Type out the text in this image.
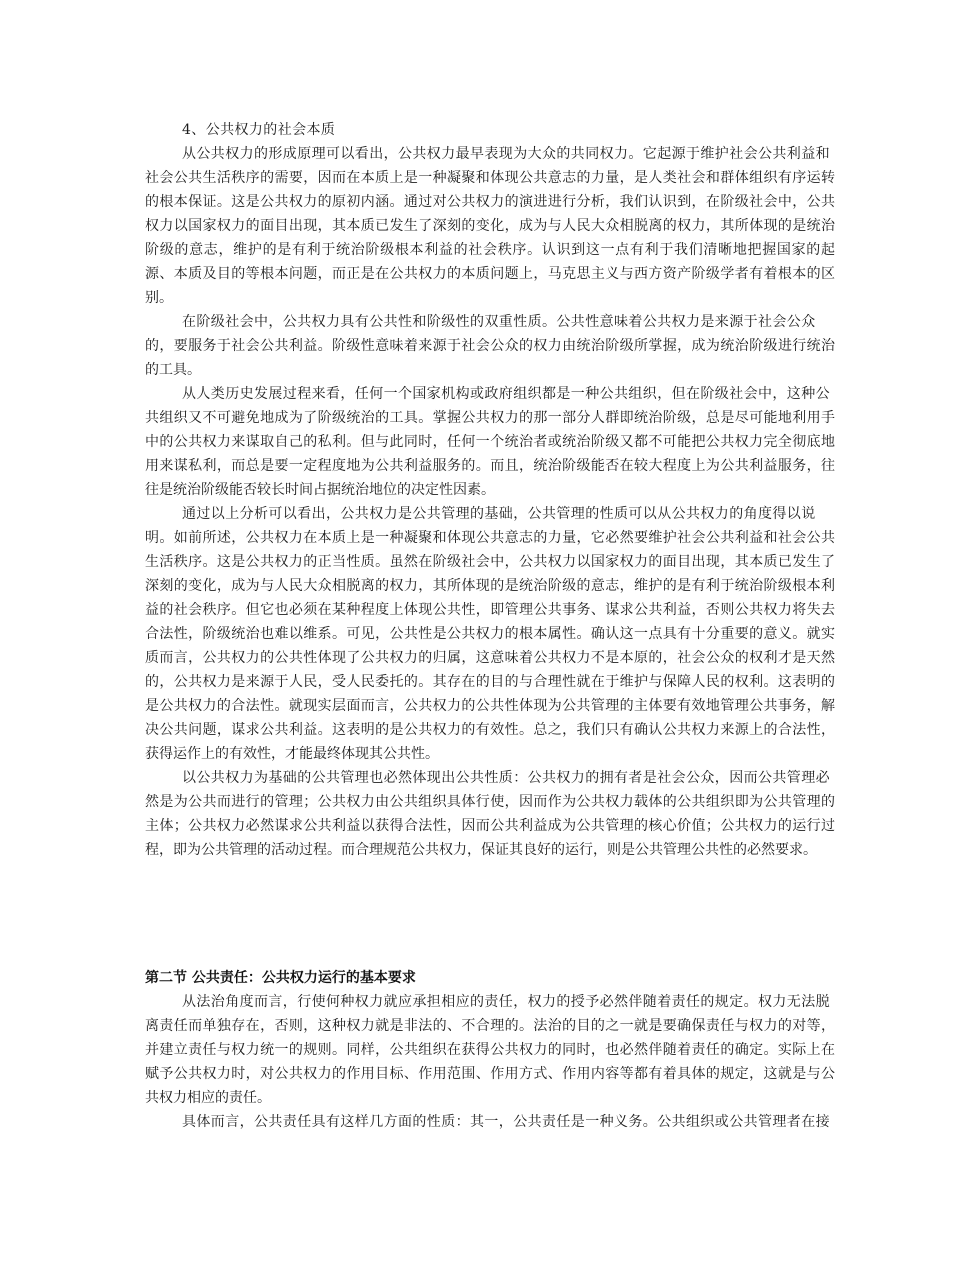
4、公共权力的社会本质
从公共权力的形成原理可以看出，公共权力最早表现为大众的共同权力。它起源于维护社会公共利益和
社会公共生活秩序的需要，因而在本质上是一种凝聚和体现公共意志的力量，是人类社会和群体组织有序运转
的根本保证。这是公共权力的原初内涵。通过对公共权力的演进进行分析，我们认识到，在阶级社会中，公共
权力以国家权力的面目出现，其本质已发生了深刻的变化，成为与人民大众相脱离的权力，其所体现的是统治
阶级的意志，维护的是有利于统治阶级根本利益的社会秩序。认识到这一点有利于我们清晰地把握国家的起
源、本质及目的等根本问题，而正是在公共权力的本质问题上，马克思主义与西方资产阶级学者有着根本的区
别。
在阶级社会中，公共权力具有公共性和阶级性的双重性质。公共性意味着公共权力是来源于社会公众
的，要服务于社会公共利益。阶级性意味着来源于社会公众的权力由统治阶级所掌握，成为统治阶级进行统治
的工具。
从人类历史发展过程来看，任何一个国家机构或政府组织都是一种公共组织，但在阶级社会中，这种公
共组织又不可避免地成为了阶级统治的工具。掌握公共权力的那一部分人群即统治阶级，总是尽可能地利用手
中的公共权力来谋取自己的私利。但与此同时，任何一个统治者或统治阶级又都不可能把公共权力完全彻底地
用来谋私利，而总是要一定程度地为公共利益服务的。而且，统治阶级能否在较大程度上为公共利益服务，往
往是统治阶级能否较长时间占据统治地位的决定性因素。
通过以上分析可以看出，公共权力是公共管理的基础，公共管理的性质可以从公共权力的角度得以说
明。如前所述，公共权力在本质上是一种凝聚和体现公共意志的力量，它必然要维护社会公共利益和社会公共
生活秩序。这是公共权力的正当性质。虽然在阶级社会中，公共权力以国家权力的面目出现，其本质已发生了
深刻的变化，成为与人民大众相脱离的权力，其所体现的是统治阶级的意志，维护的是有利于统治阶级根本利
益的社会秩序。但它也必须在某种程度上体现公共性，即管理公共事务、谋求公共利益，否则公共权力将失去
合法性，阶级统治也难以维系。可见，公共性是公共权力的根本属性。确认这一点具有十分重要的意义。就实
质而言，公共权力的公共性体现了公共权力的归属，这意味着公共权力不是本原的，社会公众的权利才是天然
的，公共权力是来源于人民，受人民委托的。其存在的目的与合理性就在于维护与保障人民的权利。这表明的
是公共权力的合法性。就现实层面而言，公共权力的公共性体现为公共管理的主体要有效地管理公共事务，解
决公共问题，谋求公共利益。这表明的是公共权力的有效性。总之，我们只有确认公共权力来源上的合法性，
获得运作上的有效性，才能最终体现其公共性。
以公共权力为基础的公共管理也必然体现出公共性质：公共权力的拥有者是社会公众，因而公共管理必
然是为公共而进行的管理；公共权力由公共组织具体行使，因而作为公共权力载体的公共组织即为公共管理的
主体；公共权力必然谋求公共利益以获得合法性，因而公共利益成为公共管理的核心价值；公共权力的运行过
程，即为公共管理的活动过程。而合理规范公共权力，保证其良好的运行，则是公共管理公共性的必然要求。
第二节 公共责任：公共权力运行的基本要求
从法治角度而言，行使何种权力就应承担相应的责任，权力的授予必然伴随着责任的规定。权力无法脱
离责任而单独存在，否则，这种权力就是非法的、不合理的。法治的目的之一就是要确保责任与权力的对等，
并建立责任与权力统一的规则。同样，公共组织在获得公共权力的同时，也必然伴随着责任的确定。实际上在
赋予公共权力时，对公共权力的作用目标、作用范围、作用方式、作用内容等都有着具体的规定，这就是与公
共权力相应的责任。
具体而言，公共责任具有这样几方面的性质：其一，公共责任是一种义务。公共组织或公共管理者在接
